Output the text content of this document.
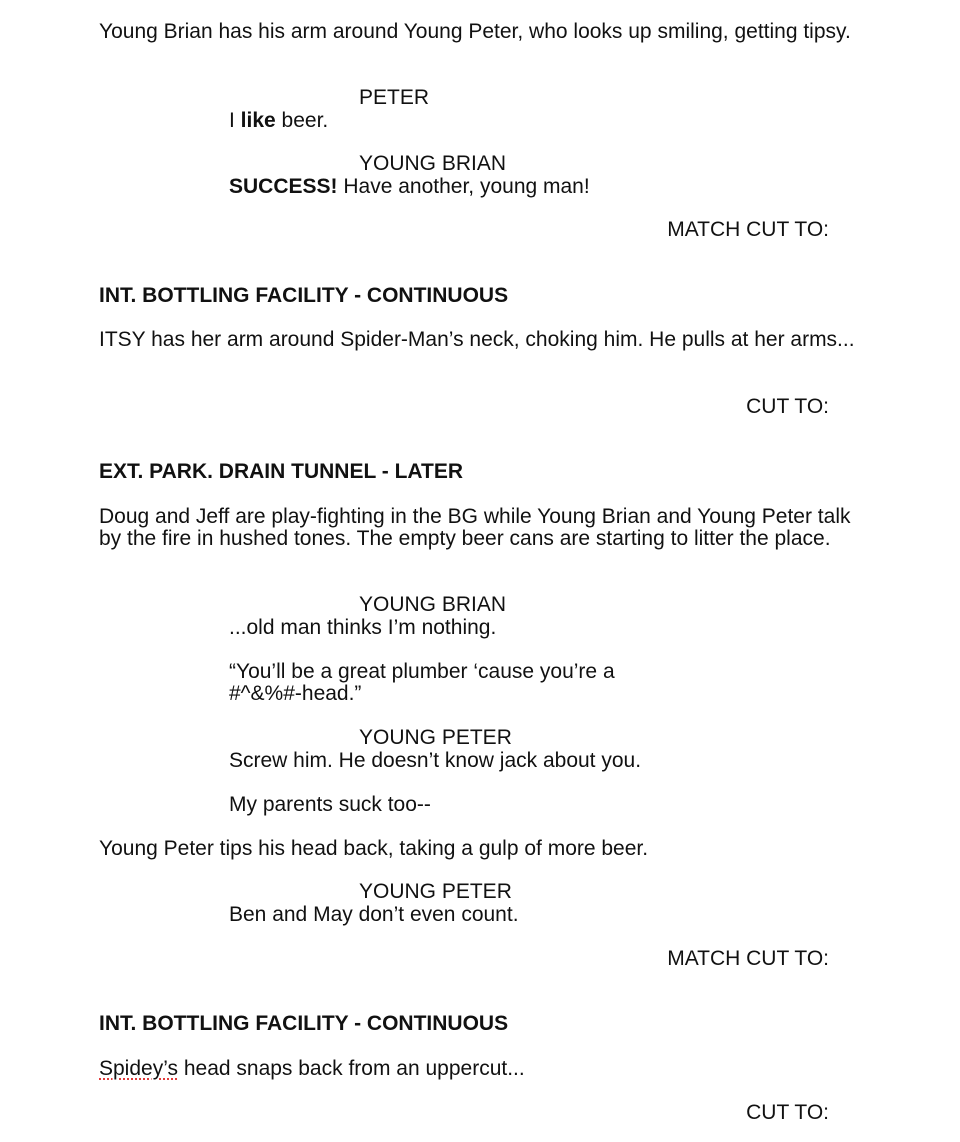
Young Brian has his arm around Young Peter, who looks up smiling, getting tipsy.
PETER
I like beer.
YOUNG BRIAN
SUCCESS! Have another, young man!
MATCH CUT TO:
INT. BOTTLING FACILITY - CONTINUOUS
ITSY has her arm around Spider-Man’s neck, choking him. He pulls at her arms...
CUT TO:
EXT. PARK. DRAIN TUNNEL - LATER
Doug and Jeff are play-fighting in the BG while Young Brian and Young Peter talk by the fire in hushed tones. The empty beer cans are starting to litter the place.
YOUNG BRIAN
...old man thinks I’m nothing.
“You’ll be a great plumber ‘cause you’re a #^&%#-head.”
YOUNG PETER
Screw him. He doesn’t know jack about you.
My parents suck too--
Young Peter tips his head back, taking a gulp of more beer.
YOUNG PETER
Ben and May don’t even count.
MATCH CUT TO:
INT. BOTTLING FACILITY - CONTINUOUS
Spidey’s head snaps back from an uppercut...
CUT TO:
